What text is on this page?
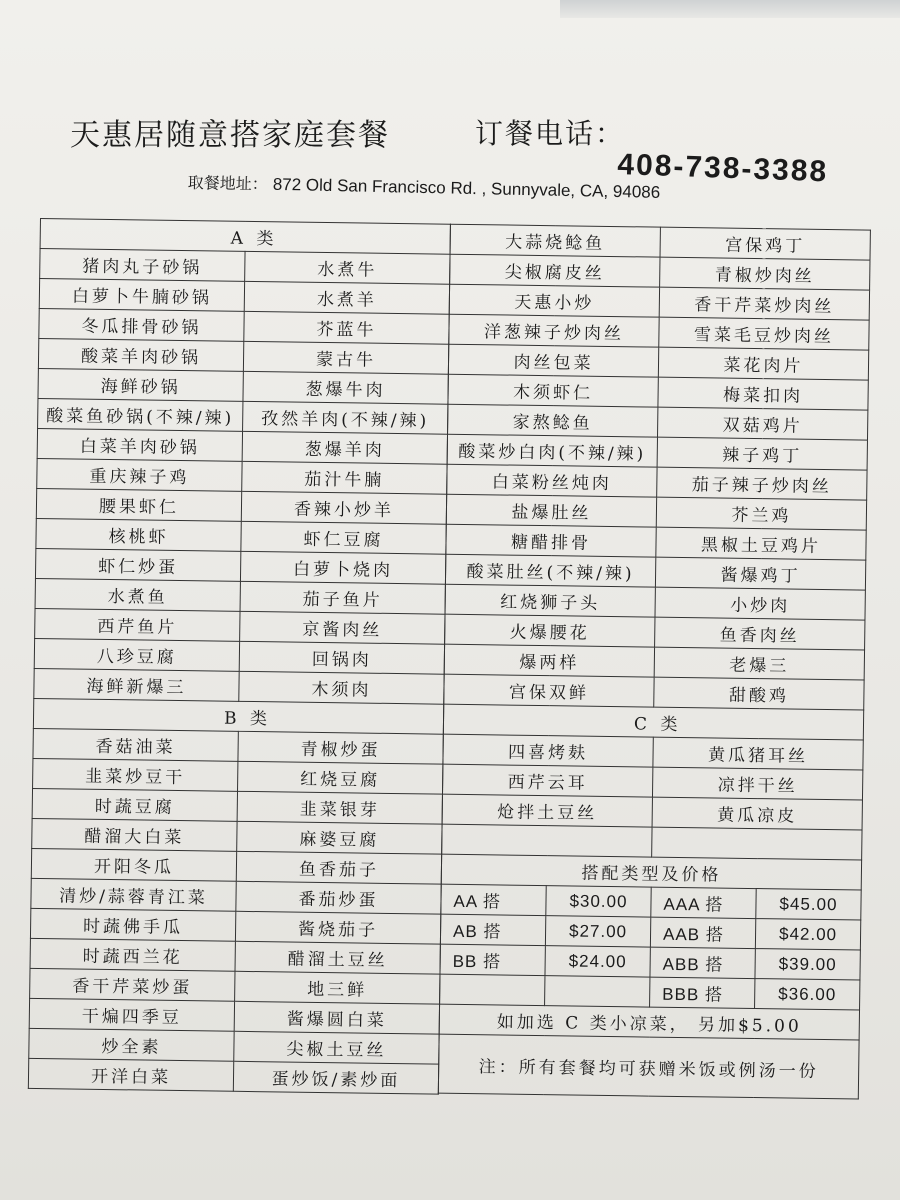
天惠居随意搭家庭套餐	订餐电话：
408-738-3388
取餐地址： 872 Old San Francisco Rd. , Sunnyvale, CA, 94086
A 类	
猪肉丸子砂锅	水煮牛
白萝卜牛腩砂锅	水煮羊
冬瓜排骨砂锅	芥蓝牛
酸菜羊肉砂锅	蒙古牛
海鲜砂锅	葱爆牛肉
酸菜鱼砂锅(不辣/辣)	孜然羊肉(不辣/辣)
白菜羊肉砂锅	葱爆羊肉
重庆辣子鸡	茄汁牛腩
腰果虾仁	香辣小炒羊
核桃虾	虾仁豆腐
虾仁炒蛋	白萝卜烧肉
水煮鱼	茄子鱼片
西芹鱼片	京酱肉丝
八珍豆腐	回锅肉
海鲜新爆三	木须肉
B 类	
香菇油菜	青椒炒蛋
韭菜炒豆干	红烧豆腐
时蔬豆腐	韭菜银芽
醋溜大白菜	麻婆豆腐
开阳冬瓜	鱼香茄子
清炒/蒜蓉青江菜	番茄炒蛋
时蔬佛手瓜	酱烧茄子
时蔬西兰花	醋溜土豆丝
香干芹菜炒蛋	地三鲜
干煸四季豆	酱爆圆白菜
炒全素	尖椒土豆丝
开洋白菜	蛋炒饭/素炒面
大蒜烧鲶鱼		宫保鸡丁	
尖椒腐皮丝		青椒炒肉丝	
天惠小炒		香干芹菜炒肉丝	
洋葱辣子炒肉丝		雪菜毛豆炒肉丝	
肉丝包菜		菜花肉片	
木须虾仁		梅菜扣肉	
家熬鲶鱼		双菇鸡片	
酸菜炒白肉(不辣/辣)		辣子鸡丁	
白菜粉丝炖肉		茄子辣子炒肉丝	
盐爆肚丝		芥兰鸡	
糖醋排骨		黑椒土豆鸡片	
酸菜肚丝(不辣/辣)		酱爆鸡丁	
红烧狮子头		小炒肉	
火爆腰花		鱼香肉丝	
爆两样		老爆三	
宫保双鲜		甜酸鸡	
C 类			
四喜烤麸		黄瓜猪耳丝	
西芹云耳		凉拌干丝	
炝拌土豆丝		黄瓜凉皮	

搭配类型及价格			
AA 搭	$30.00	AAA 搭	$45.00
AB 搭	$27.00	AAB 搭	$42.00
BB 搭	$24.00	ABB 搭	$39.00
		BBB 搭	$36.00
如加选 C 类小凉菜， 另加$5.00			
注：所有套餐均可获赠米饭或例汤一份			
